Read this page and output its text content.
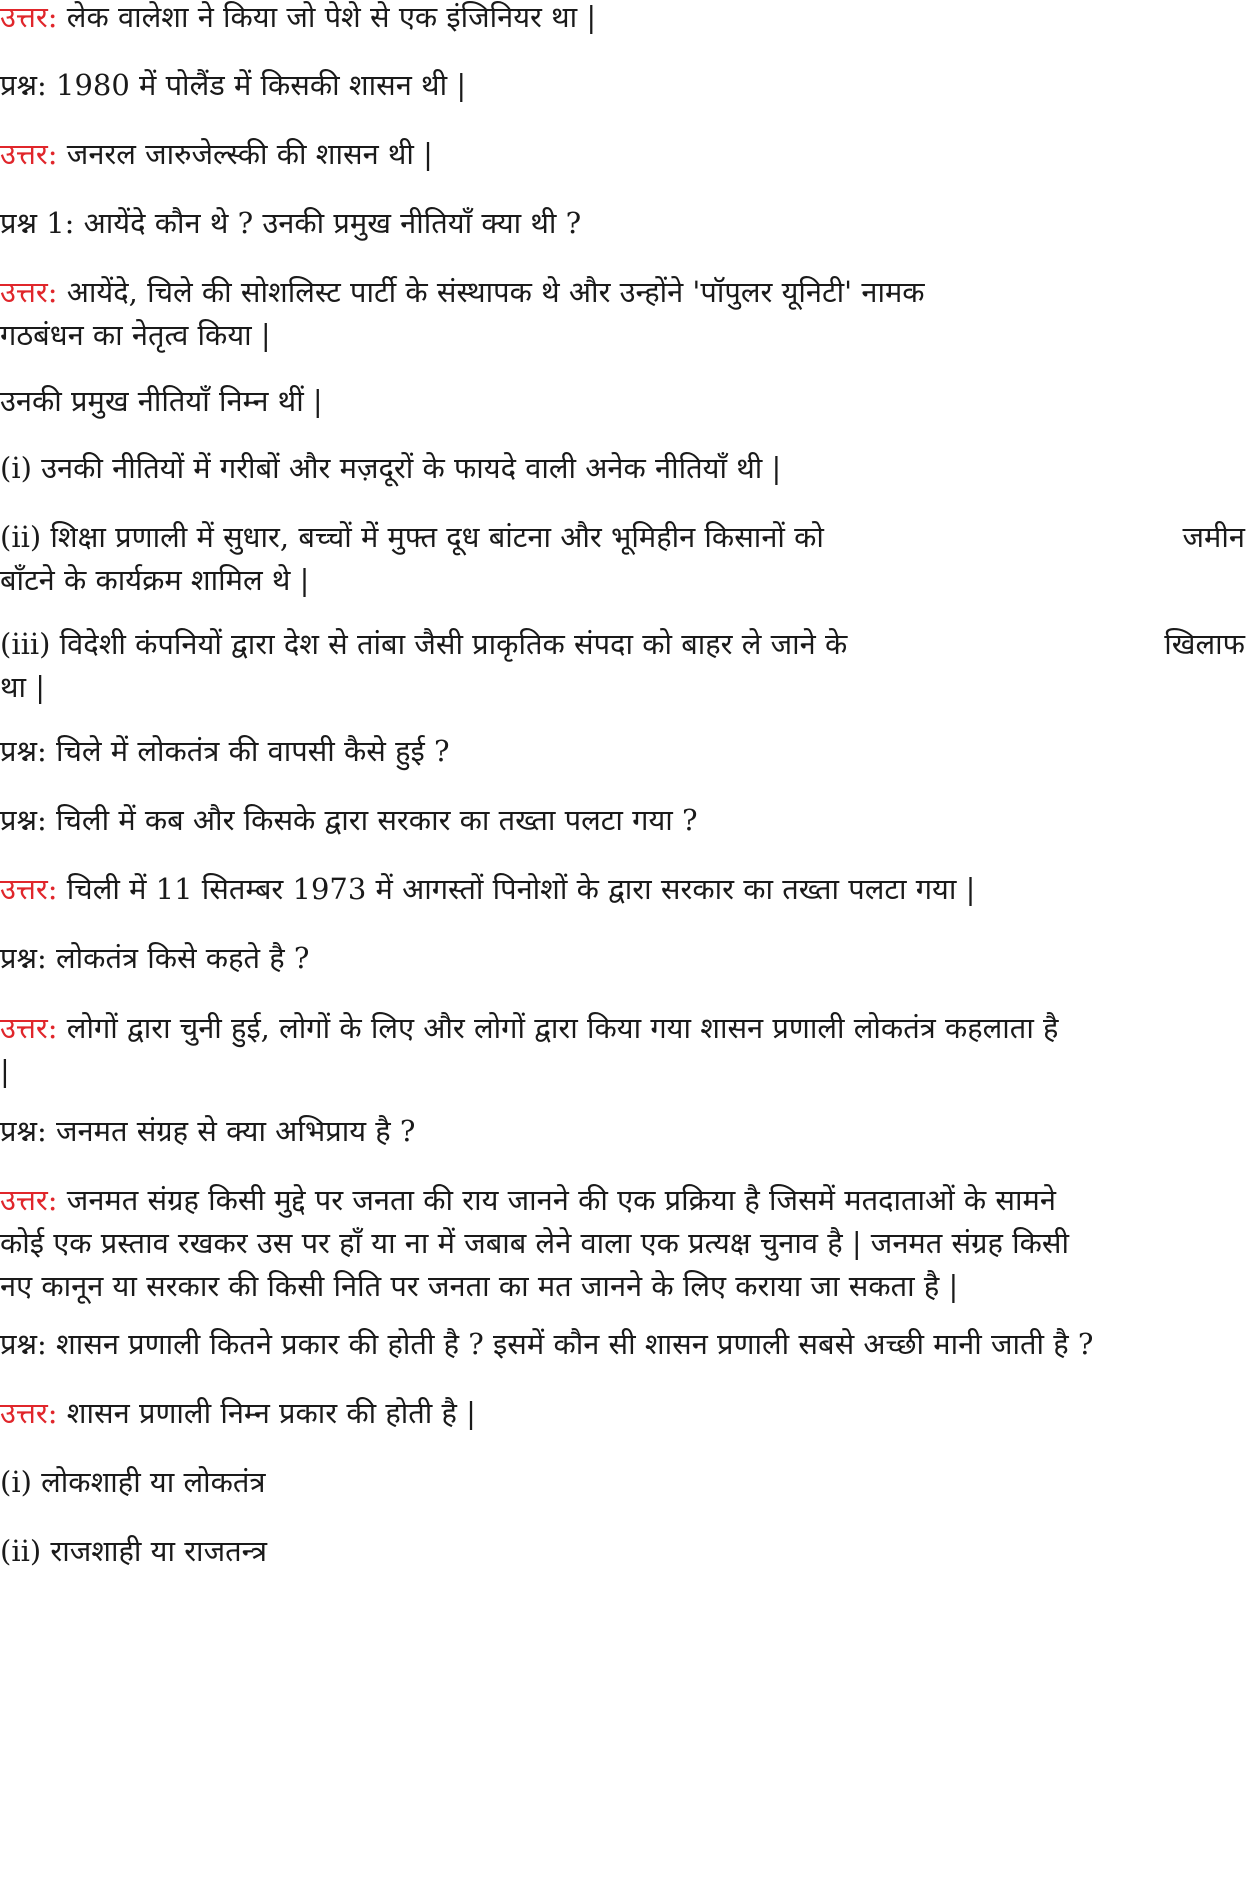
उत्तर: लेक वालेशा ने किया जो पेशे से एक इंजिनियर था |
प्रश्न: 1980 में पोलैंड में किसकी शासन थी |
उत्तर: जनरल जारुजेल्स्की की शासन थी |
प्रश्न 1: आयेंदे कौन थे ? उनकी प्रमुख नीतियाँ क्या थी ?
उत्तर: आयेंदे, चिले की सोशलिस्ट पार्टी के संस्थापक थे और उन्होंने 'पॉपुलर यूनिटी' नामक
गठबंधन का नेतृत्व किया |
उनकी प्रमुख नीतियाँ निम्न थीं |
(i) उनकी नीतियों में गरीबों और मज़दूरों के फायदे वाली अनेक नीतियाँ थी |
(ii) शिक्षा प्रणाली में सुधार, बच्चों में मुफ्त दूध बांटना और भूमिहीन किसानों को	जमीन
बाँटने के कार्यक्रम शामिल थे |
(iii) विदेशी कंपनियों द्वारा देश से तांबा जैसी प्राकृतिक संपदा को बाहर ले जाने के	खिलाफ
था |
प्रश्न: चिले में लोकतंत्र की वापसी कैसे हुई ?
प्रश्न: चिली में कब और किसके द्वारा सरकार का तख्ता पलटा गया ?
उत्तर: चिली में 11 सितम्बर 1973 में आगस्तों पिनोशों के द्वारा सरकार का तख्ता पलटा गया |
प्रश्न: लोकतंत्र किसे कहते है ?
उत्तर: लोगों द्वारा चुनी हुई, लोगों के लिए और लोगों द्वारा किया गया शासन प्रणाली लोकतंत्र कहलाता है
|
प्रश्न: जनमत संग्रह से क्या अभिप्राय है ?
उत्तर: जनमत संग्रह किसी मुद्दे पर जनता की राय जानने की एक प्रक्रिया है जिसमें मतदाताओं के सामने
कोई एक प्रस्ताव रखकर उस पर हाँ या ना में जबाब लेने वाला एक प्रत्यक्ष चुनाव है | जनमत संग्रह किसी
नए कानून या सरकार की किसी निति पर जनता का मत जानने के लिए कराया जा सकता है |
प्रश्न: शासन प्रणाली कितने प्रकार की होती है ? इसमें कौन सी शासन प्रणाली सबसे अच्छी मानी जाती है ?
उत्तर: शासन प्रणाली निम्न प्रकार की होती है |
(i) लोकशाही या लोकतंत्र
(ii) राजशाही या राजतन्त्र
